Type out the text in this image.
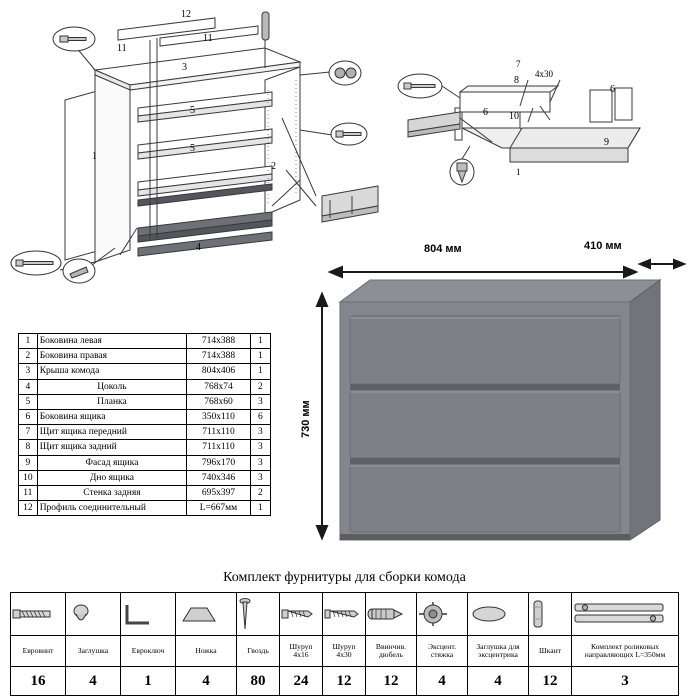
12
11
11
3
5
5
2
1
4
8
4x30
6
6
10
9
7
1
804 мм	410 мм
730 мм
1	Боковина левая	714х388	1
2	Боковина правая	714х388	1
3	Крыша комода	804х406	1
4	Цоколь	768х74	2
5	Планка	768х60	3
6	Боковина ящика	350х110	6
7	Щит ящика передний	711х110	3
8	Щит ящика задний	711х110	3
9	Фасад ящика	796х170	3
10	Дно ящика	740х346	3
11	Стенка задняя	695х397	2
12	Профиль соединительный	L=667мм	1
Комплект фурнитуры для сборки комода

Евровинт	Заглушка	Евроключ	Ножка	Гвоздь	Шуруп 4х16	Шуруп 4х30	Ввинчив. дюбель	Эксцент. стяжка	Заглушка для эксцентрика	Шкант	Комплект роликовых направляющих L=350мм
16	4	1	4	80	24	12	12	4	4	12	3
